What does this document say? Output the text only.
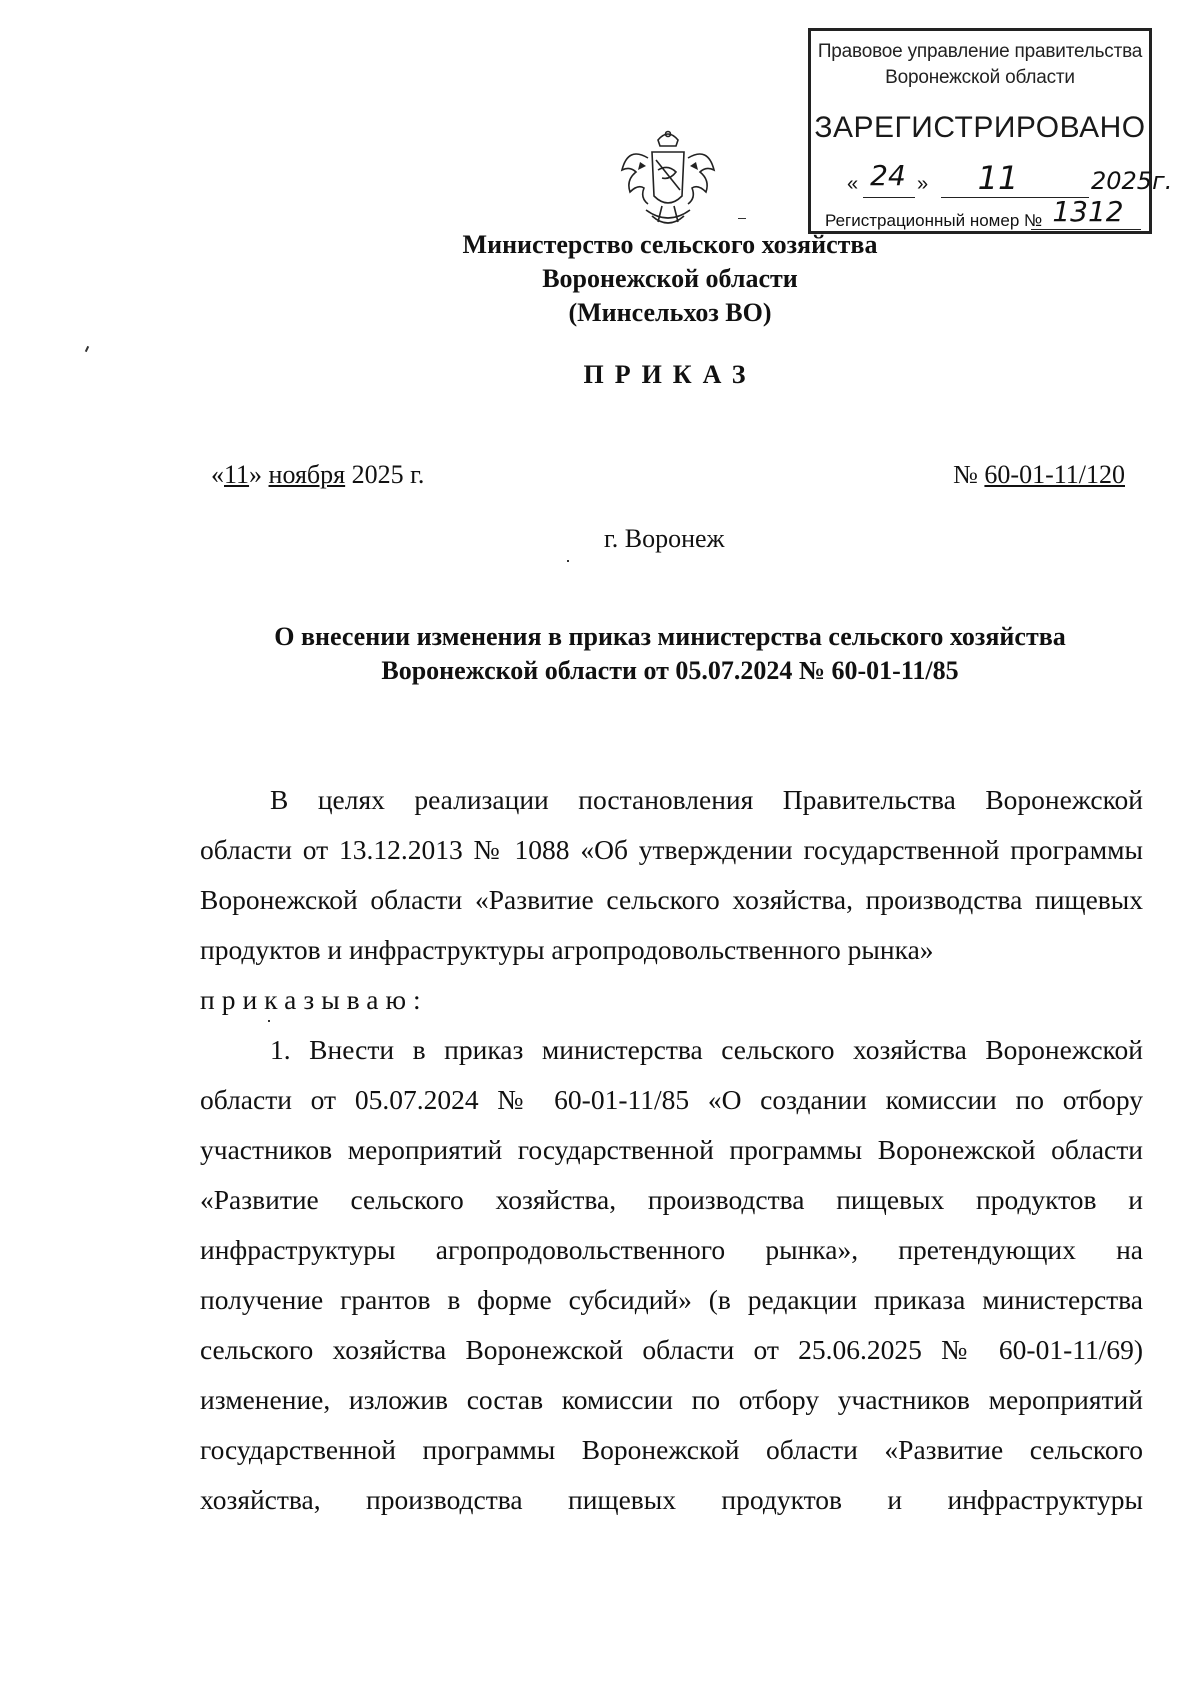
Правовое управление правительства
Воронежской области
ЗАРЕГИСТРИРОВАНО
« 24 »	11	2025г.
Регистрационный номер № 1312
Министерство сельского хозяйства
Воронежской области
(Минсельхоз ВО)
ПРИКАЗ
«11» ноября 2025 г.	№ 60-01-11/120
г. Воронеж
О внесении изменения в приказ министерства сельского хозяйства
Воронежской области от 05.07.2024 № 60-01-11/85
В целях реализации постановления Правительства Воронежской
области от 13.12.2013 № 1088 «Об утверждении государственной программы
Воронежской области «Развитие сельского хозяйства, производства пищевых
продуктов и инфраструктуры агропродовольственного рынка»
приказываю:
1. Внести в приказ министерства сельского хозяйства Воронежской
области от 05.07.2024 № 60-01-11/85 «О создании комиссии по отбору
участников мероприятий государственной программы Воронежской области
«Развитие сельского хозяйства, производства пищевых продуктов и
инфраструктуры агропродовольственного рынка», претендующих на
получение грантов в форме субсидий» (в редакции приказа министерства
сельского хозяйства Воронежской области от 25.06.2025 № 60-01-11/69)
изменение, изложив состав комиссии по отбору участников мероприятий
государственной программы Воронежской области «Развитие сельского
хозяйства, производства пищевых продуктов и инфраструктуры
